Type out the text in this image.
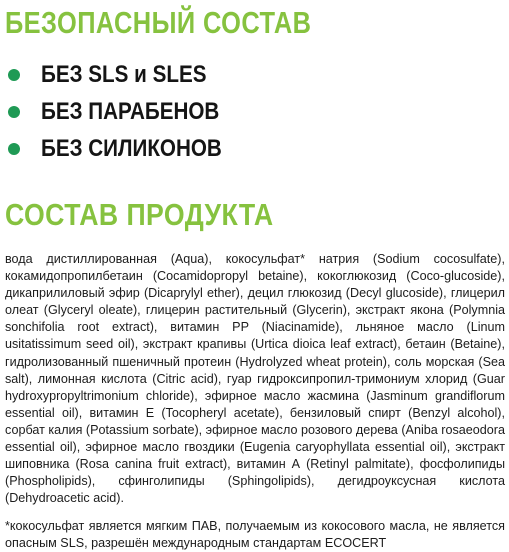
БЕЗОПАСНЫЙ СОСТАВ
БЕЗ SLS и SLES
БЕЗ ПАРАБЕНОВ
БЕЗ СИЛИКОНОВ
СОСТАВ ПРОДУКТА

вода дистиллированная (Aqua), кокосульфат* натрия (Sodium cocosulfate), кокамидопропилбетаин (Cocamidopropyl betaine), кокоглюкозид (Coco-glucoside), дикаприлиловый эфир (Dicaprylyl ether), децил глюкозид (Decyl glucoside), глицерил олеат (Glyceryl oleate), глицерин растительный (Glycerin), экстракт якона (Polymnia sonchifolia root extract), витамин PP (Niacinamide), льняное масло (Linum usitatissimum seed oil), экстракт крапивы (Urtica dioica leaf extract), бетаин (Betaine), гидролизованный пшеничный протеин (Hydrolyzed wheat protein), соль морская (Sea salt), лимонная кислота (Citric acid), гуар гидроксипропил-тримониум хлорид (Guar hydroxypropyltrimonium chloride), эфирное масло жасмина (Jasminum grandiflorum essential oil), витамин Е (Tocopheryl acetate), бензиловый спирт (Benzyl alcohol), сорбат калия (Potassium sorbate), эфирное масло розового дерева (Aniba rosaeodora essential oil), эфирное масло гвоздики (Eugenia caryophyllata essential oil), экстракт шиповника (Rosa canina fruit extract), витамин А (Retinyl palmitate), фосфолипиды (Phospholipids), сфинголипиды (Sphingolipids), дегидроуксусная кислота (Dehydroacetic acid).

*кокосульфат является мягким ПАВ, получаемым из кокосового масла, не является опасным SLS, разрешён международным стандартам ECOCERT
